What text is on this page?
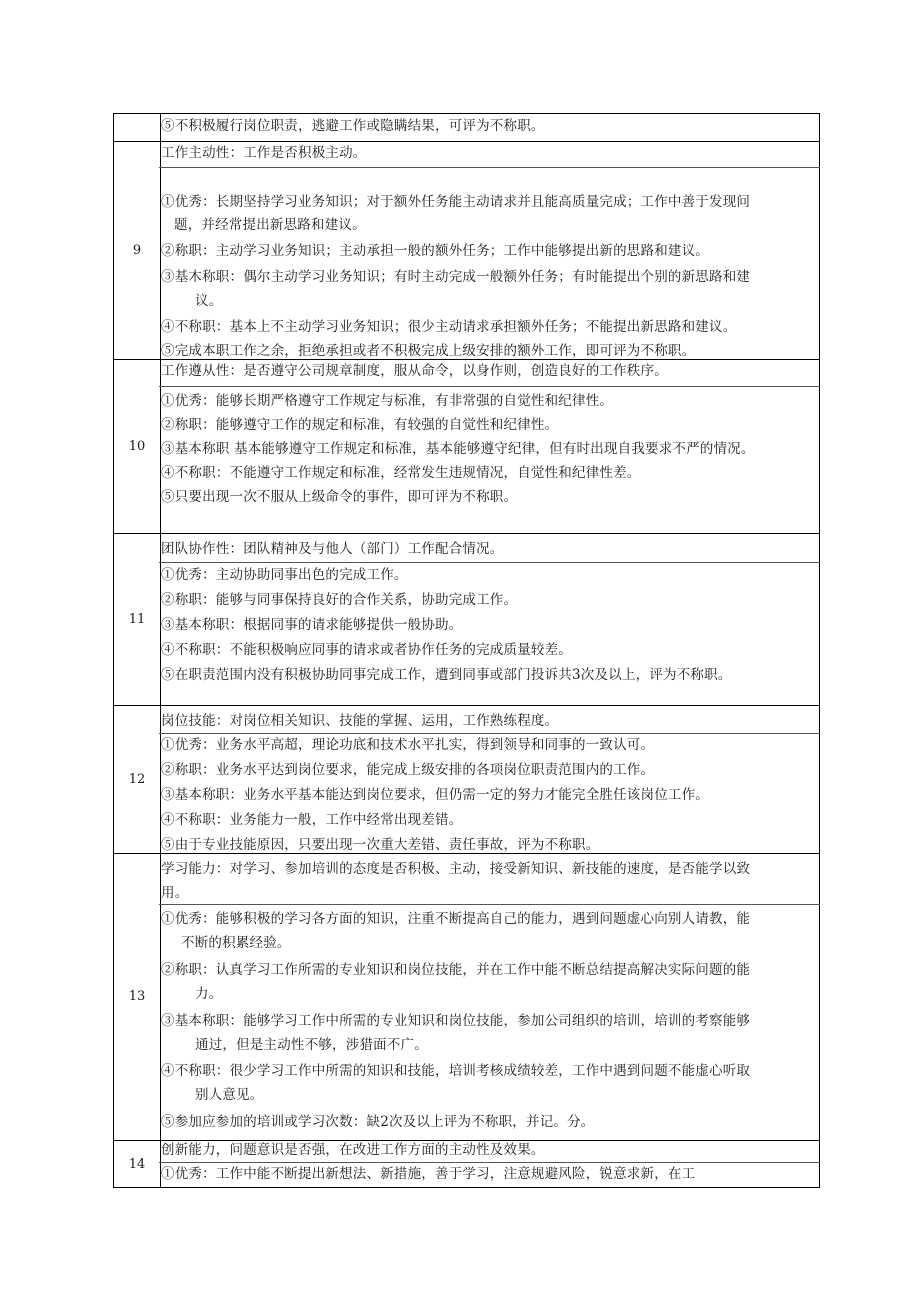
⑤不积极履行岗位职责，逃避工作或隐瞒结果，可评为不称职。
9
工作主动性：工作是否积极主动。
①优秀：长期坚持学习业务知识；对于额外任务能主动请求并且能高质量完成；工作中善于发现问
题，并经常提出新思路和建议。
②称职：主动学习业务知识；主动承担一般的额外任务；工作中能够提出新的思路和建议。
③基木称职：偶尔主动学习业务知识；有时主动完成一般额外任务；有时能提出个别的新思路和建
议。
④不称职：基本上不主动学习业务知识；很少主动请求承担额外任务；不能提出新思路和建议。
⑤完成本职工作之余，拒绝承担或者不积极完成上级安排的额外工作，即可评为不称职。
10
工作遵从性：是否遵守公司规章制度，服从命令，以身作则，创造良好的工作秩序。
①优秀：能够长期严格遵守工作规定与标准，有非常强的自觉性和纪律性。
②称职：能够遵守工作的规定和标准，有较强的自觉性和纪律性。
③基本称职 基本能够遵守工作规定和标准，基本能够遵守纪律，但有时出现自我要求不严的情况。
④不称职：不能遵守工作规定和标准，经常发生违规情况，自觉性和纪律性差。
⑤只要出现一次不服从上级命令的事件，即可评为不称职。
11
团队协作性：团队精神及与他人（部门）工作配合情况。
①优秀：主动协助同事出色的完成工作。
②称职：能够与同事保持良好的合作关系，协助完成工作。
③基本称职：根据同事的请求能够提供一般协助。
④不称职：不能积极响应同事的请求或者协作任务的完成质量较差。
⑤在职责范围内没有积极协助同事完成工作，遭到同事或部门投诉共3次及以上，评为不称职。
12
岗位技能：对岗位相关知识、技能的掌握、运用，工作熟练程度。
①优秀：业务水平高超，理论功底和技术水平扎实，得到领导和同事的一致认可。
②称职：业务水平达到岗位要求，能完成上级安排的各项岗位职责范围内的工作。
③基本称职：业务水平基本能达到岗位要求，但仍需一定的努力才能完全胜任该岗位工作。
④不称职：业务能力一般，工作中经常出现差错。
⑤由于专业技能原因，只要出现一次重大差错、责任事故，评为不称职。
13
学习能力：对学习、参加培训的态度是否积极、主动，接受新知识、新技能的速度，是否能学以致
用。
①优秀：能够积极的学习各方面的知识，注重不断提高自己的能力，遇到问题虚心向别人请教，能
不断的积累经验。
②称职：认真学习工作所需的专业知识和岗位技能，并在工作中能不断总结提高解决实际问题的能
力。
③基本称职：能够学习工作中所需的专业知识和岗位技能，参加公司组织的培训，培训的考察能够
通过，但是主动性不够，涉猎面不广。
④不称职：很少学习工作中所需的知识和技能，培训考核成绩较差，工作中遇到问题不能虚心听取
别人意见。
⑤参加应参加的培训或学习次数：缺2次及以上评为不称职，并记。分。
14
创新能力，问题意识是否强，在改进工作方面的主动性及效果。
①优秀：工作中能不断提出新想法、新措施，善于学习，注意规避风险，锐意求新，在工
